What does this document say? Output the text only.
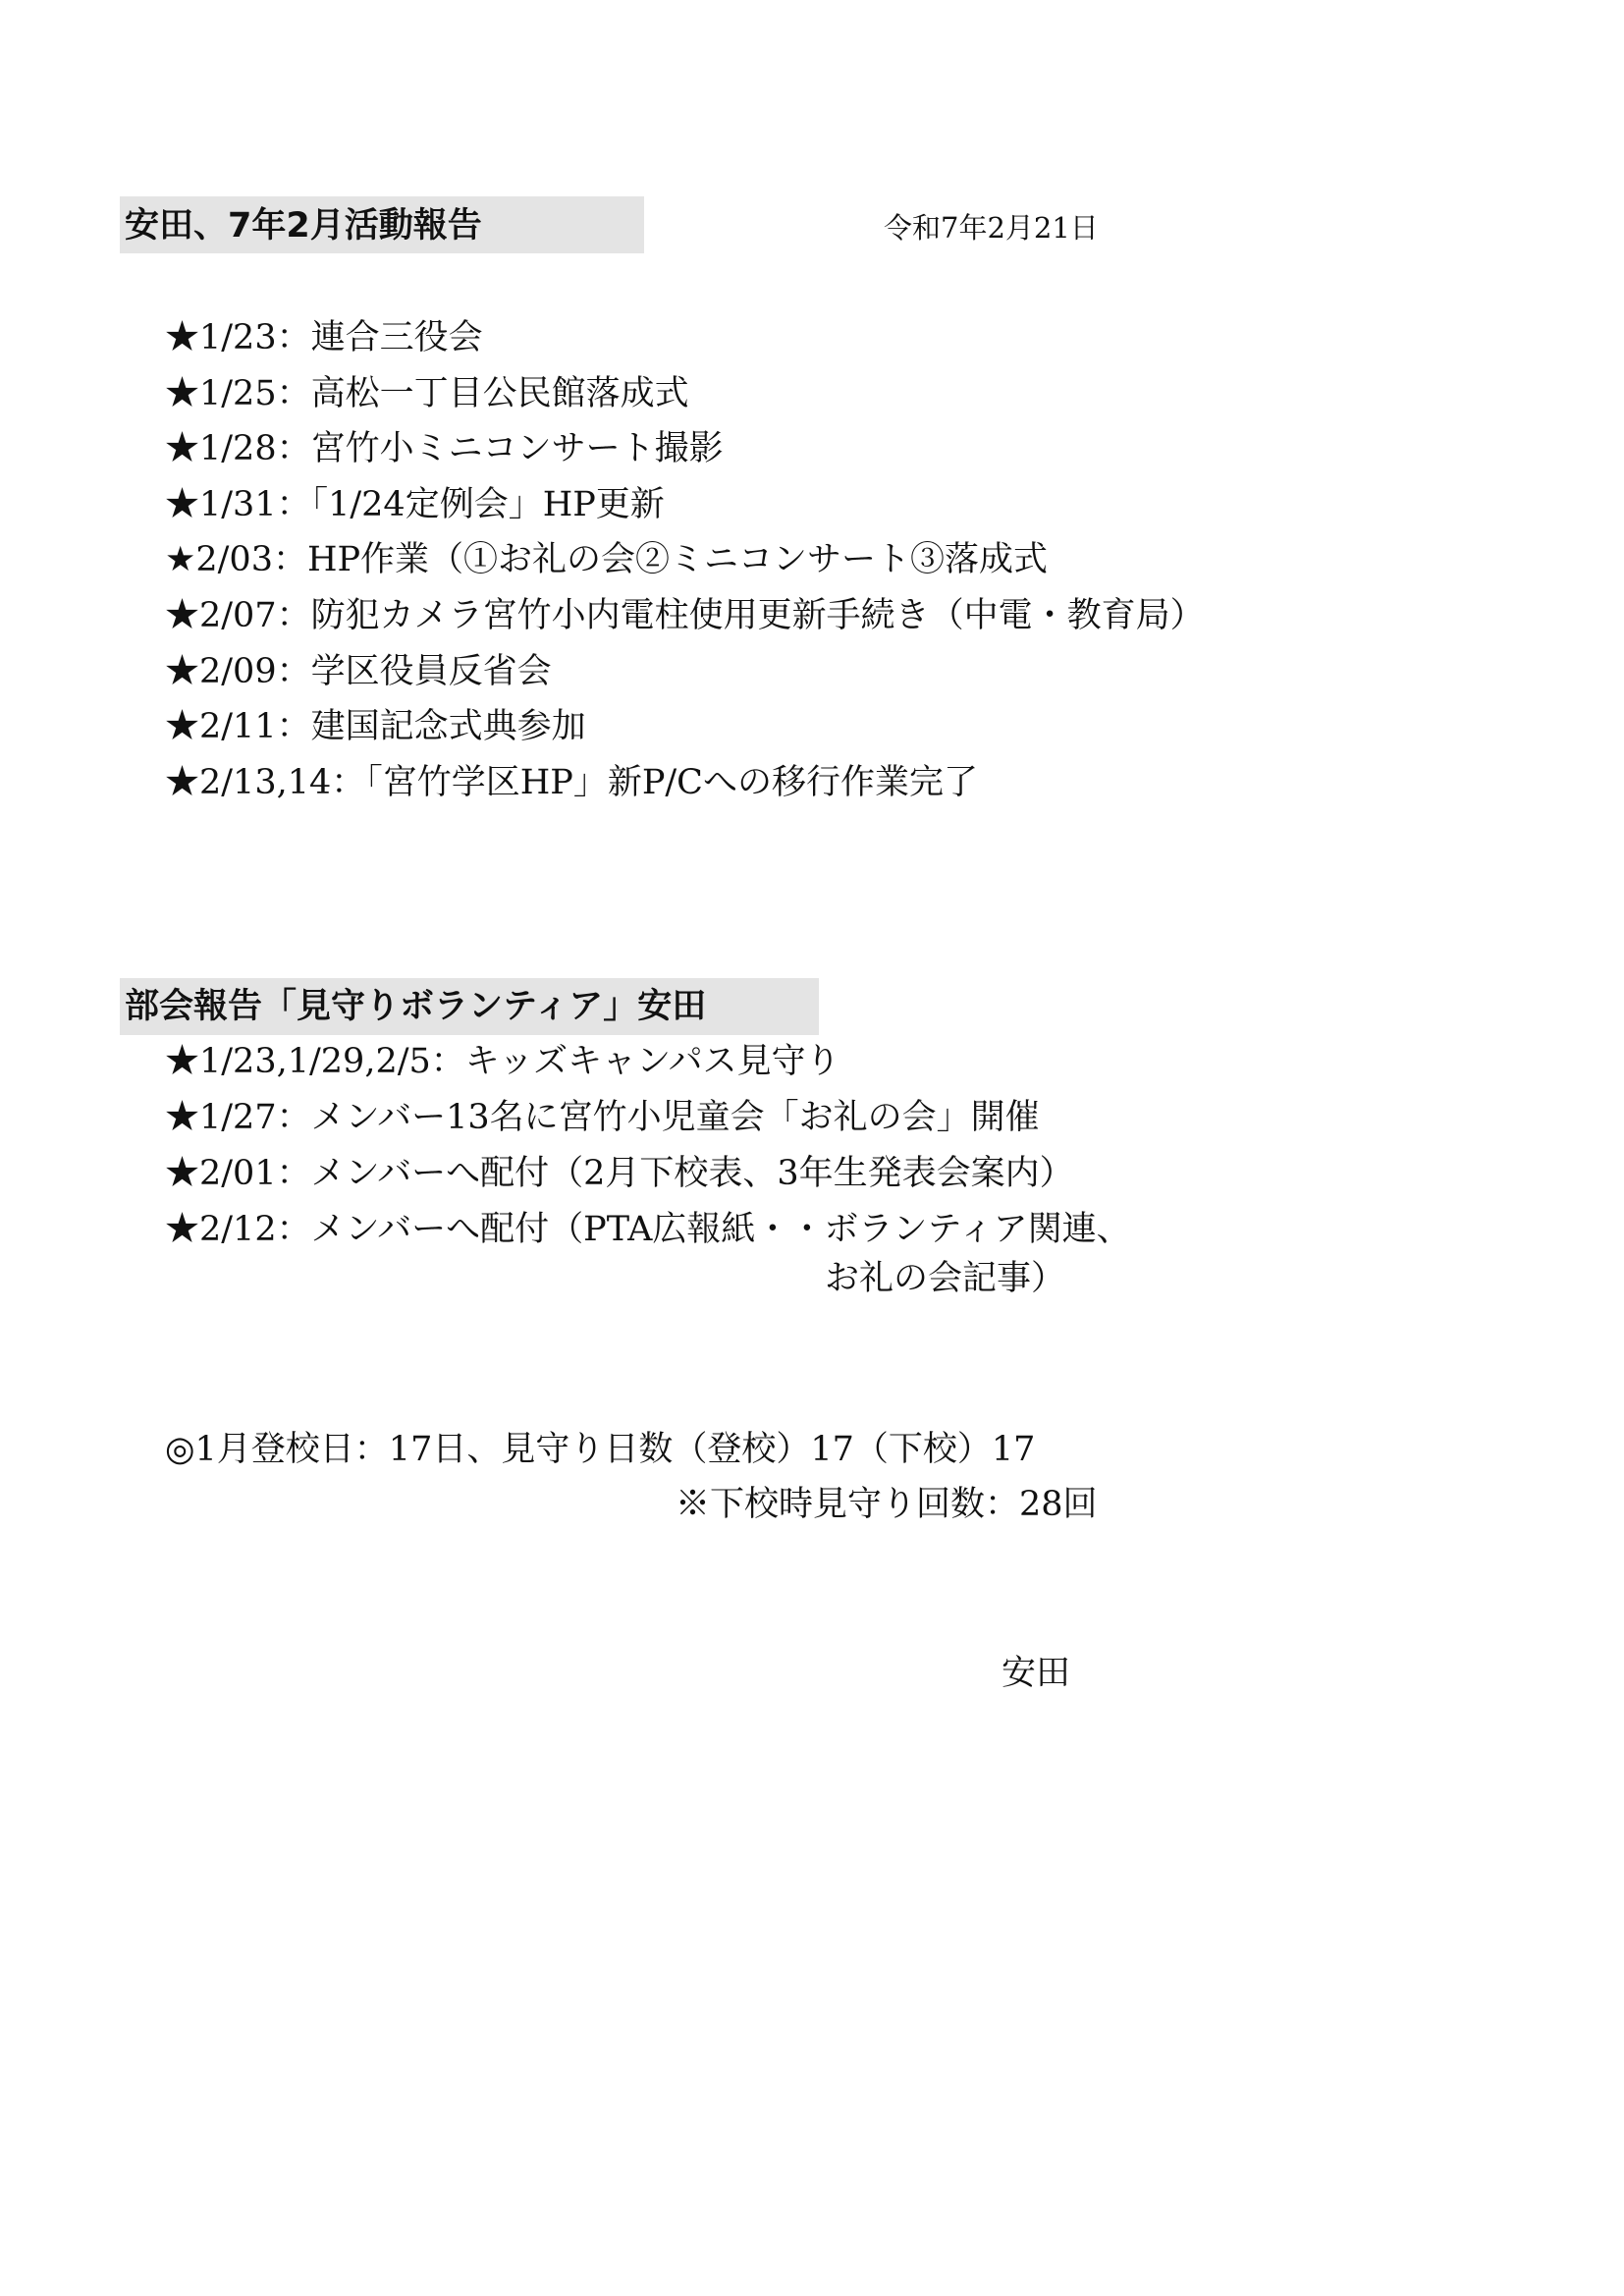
安田、7年2月活動報告	令和7年2月21日
★1/23：連合三役会
★1/25：高松一丁目公民館落成式
★1/28：宮竹小ミニコンサート撮影
★1/31：「1/24定例会」HP更新
★2/03：HP作業（①お礼の会②ミニコンサート③落成式
★2/07：防犯カメラ宮竹小内電柱使用更新手続き（中電・教育局）
★2/09：学区役員反省会
★2/11：建国記念式典参加
★2/13,14：「宮竹学区HP」新P/Cへの移行作業完了
部会報告「見守りボランティア」安田
★1/23,1/29,2/5：キッズキャンパス見守り
★1/27：メンバー13名に宮竹小児童会「お礼の会」開催
★2/01：メンバーへ配付（2月下校表、3年生発表会案内）
★2/12：メンバーへ配付（PTA広報紙・・ボランティア関連、
お礼の会記事）
◎1月登校日：17日、見守り日数（登校）17（下校）17
※下校時見守り回数：28回
安田
